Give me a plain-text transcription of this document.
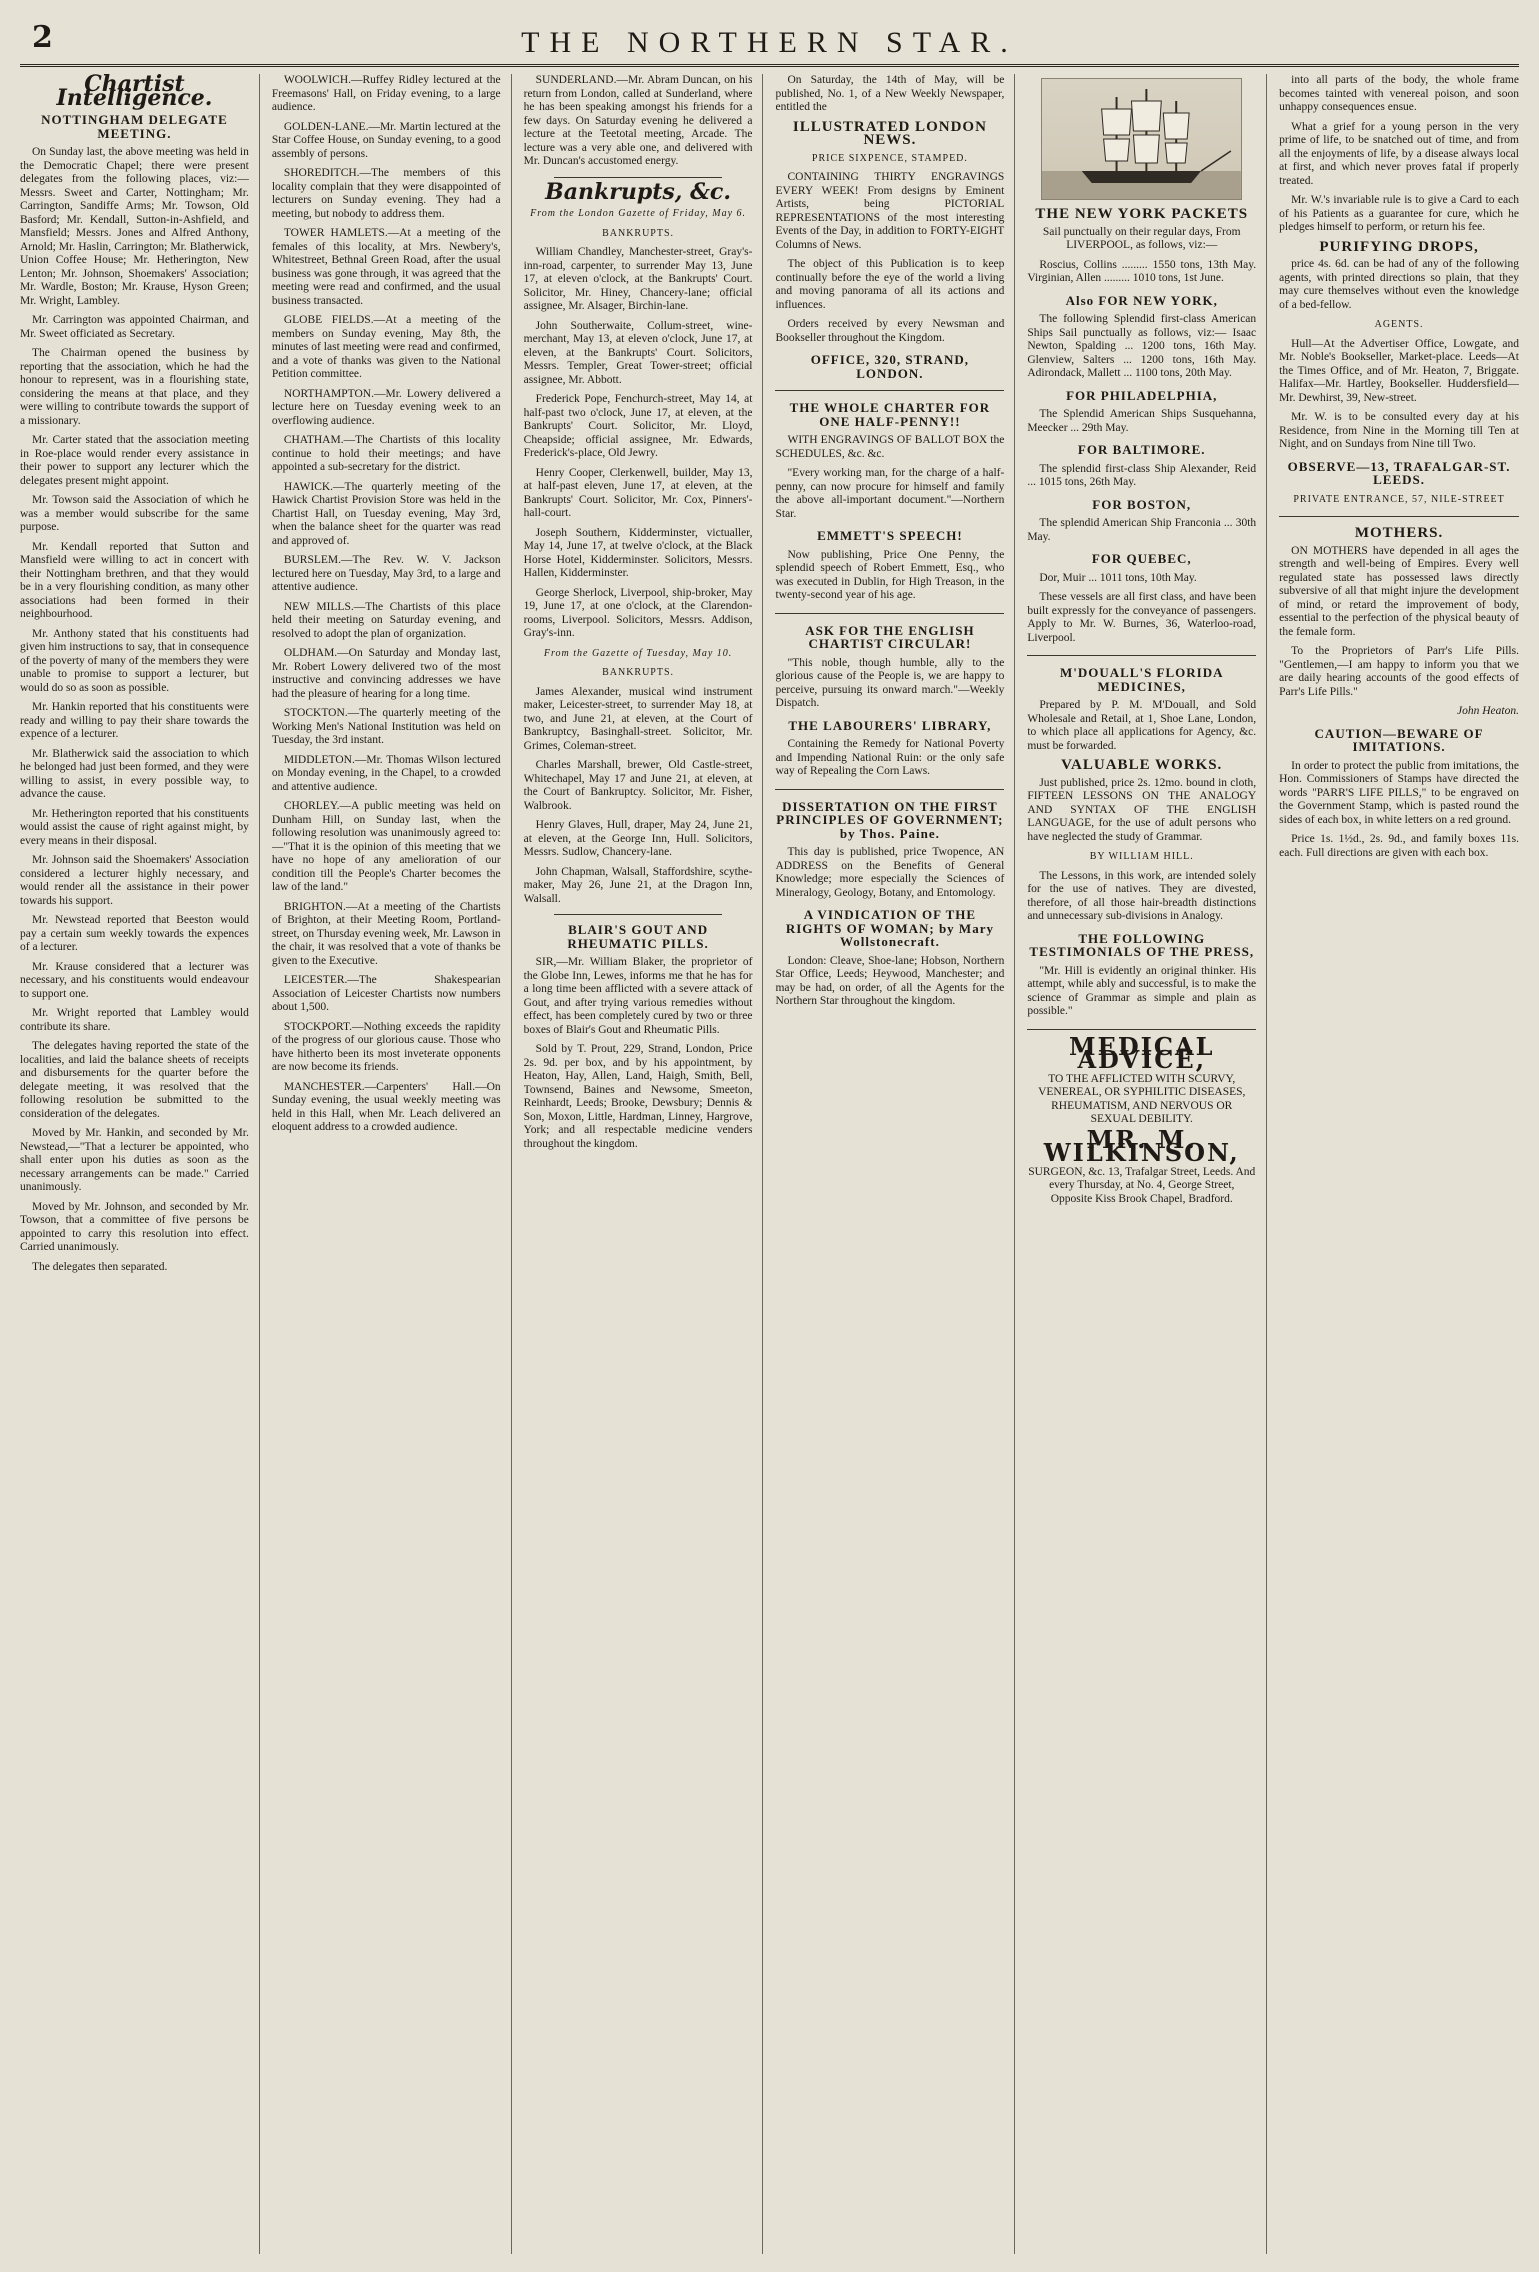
2	THE NORTHERN STAR.
Chartist Intelligence.
NOTTINGHAM DELEGATE MEETING.

On Sunday last, the above meeting was held in the Democratic Chapel; there were present delegates from the following places, viz:— Messrs. Sweet and Carter, Nottingham; Mr. Carrington, Sandiffe Arms; Mr. Towson, Old Basford; Mr. Kendall, Sutton-in-Ashfield, and Mansfield; Messrs. Jones and Alfred Anthony, Arnold; Mr. Haslin, Carrington; Mr. Blatherwick, Union Coffee House; Mr. Hetherington, New Lenton; Mr. Johnson, Shoemakers' Association; Mr. Wardle, Boston; Mr. Krause, Hyson Green; Mr. Wright, Lambley.

Mr. Carrington was appointed Chairman, and Mr. Sweet officiated as Secretary.

The Chairman opened the business by reporting that the association, which he had the honour to represent, was in a flourishing state, considering the means at that place, and they were willing to contribute towards the support of a missionary.

Mr. Carter stated that the association meeting in Roe-place would render every assistance in their power to support any lecturer which the delegates present might appoint.

Mr. Towson said the Association of which he was a member would subscribe for the same purpose.

Mr. Kendall reported that Sutton and Mansfield were willing to act in concert with their Nottingham brethren, and that they would be in a very flourishing condition, as many other associations had been formed in their neighbourhood.

Mr. Anthony stated that his constituents had given him instructions to say, that in consequence of the poverty of many of the members they were unable to promise to support a lecturer, but would do so as soon as possible.

Mr. Hankin reported that his constituents were ready and willing to pay their share towards the expence of a lecturer.

Mr. Blatherwick said the association to which he belonged had just been formed, and they were willing to assist, in every possible way, to advance the cause.

Mr. Hetherington reported that his constituents would assist the cause of right against might, by every means in their disposal.

Mr. Johnson said the Shoemakers' Association considered a lecturer highly necessary, and would render all the assistance in their power towards his support.

Mr. Newstead reported that Beeston would pay a certain sum weekly towards the expences of a lecturer.

Mr. Krause considered that a lecturer was necessary, and his constituents would endeavour to support one.

Mr. Wright reported that Lambley would contribute its share.

The delegates having reported the state of the localities, and laid the balance sheets of receipts and disbursements for the quarter before the delegate meeting, it was resolved that the following resolution be submitted to the consideration of the delegates.

Moved by Mr. Hankin, and seconded by Mr. Newstead,—"That a lecturer be appointed, who shall enter upon his duties as soon as the necessary arrangements can be made." Carried unanimously.

Moved by Mr. Johnson, and seconded by Mr. Towson, that a committee of five persons be appointed to carry this resolution into effect. Carried unanimously.

The delegates then separated.

WOOLWICH.—Ruffey Ridley lectured at the Freemasons' Hall, on Friday evening, to a large audience.

GOLDEN-LANE.—Mr. Martin lectured at the Star Coffee House, on Sunday evening, to a good assembly of persons.

SHOREDITCH.—The members of this locality complain that they were disappointed of lecturers on Sunday evening. They had a meeting, but nobody to address them.

TOWER HAMLETS.—At a meeting of the females of this locality, at Mrs. Newbery's, Whitestreet, Bethnal Green Road, after the usual business was gone through, it was agreed that the meeting were read and confirmed, and the usual business transacted.

GLOBE FIELDS.—At a meeting of the members on Sunday evening, May 8th, the minutes of last meeting were read and confirmed, and a vote of thanks was given to the National Petition committee.

NORTHAMPTON.—Mr. Lowery delivered a lecture here on Tuesday evening week to an overflowing audience.

CHATHAM.—The Chartists of this locality continue to hold their meetings; and have appointed a sub-secretary for the district.

HAWICK.—The quarterly meeting of the Hawick Chartist Provision Store was held in the Chartist Hall, on Tuesday evening, May 3rd, when the balance sheet for the quarter was read and approved of.

BURSLEM.—The Rev. W. V. Jackson lectured here on Tuesday, May 3rd, to a large and attentive audience.

NEW MILLS.—The Chartists of this place held their meeting on Saturday evening, and resolved to adopt the plan of organization.

OLDHAM.—On Saturday and Monday last, Mr. Robert Lowery delivered two of the most instructive and convincing addresses we have had the pleasure of hearing for a long time.

STOCKTON.—The quarterly meeting of the Working Men's National Institution was held on Tuesday, the 3rd instant.

MIDDLETON.—Mr. Thomas Wilson lectured on Monday evening, in the Chapel, to a crowded and attentive audience.

CHORLEY.—A public meeting was held on Dunham Hill, on Sunday last, when the following resolution was unanimously agreed to:—"That it is the opinion of this meeting that we have no hope of any amelioration of our condition till the People's Charter becomes the law of the land."

BRIGHTON.—At a meeting of the Chartists of Brighton, at their Meeting Room, Portland-street, on Thursday evening week, Mr. Lawson in the chair, it was resolved that a vote of thanks be given to the Executive.

LEICESTER.—The Shakespearian Association of Leicester Chartists now numbers about 1,500.

STOCKPORT.—Nothing exceeds the rapidity of the progress of our glorious cause. Those who have hitherto been its most inveterate opponents are now become its friends.

MANCHESTER.—Carpenters' Hall.—On Sunday evening, the usual weekly meeting was held in this Hall, when Mr. Leach delivered an eloquent address to a crowded audience.

SUNDERLAND.—Mr. Abram Duncan, on his return from London, called at Sunderland, where he has been speaking amongst his friends for a few days. On Saturday evening he delivered a lecture at the Teetotal meeting, Arcade. The lecture was a very able one, and delivered with Mr. Duncan's accustomed energy.

Bankrupts, &c.
From the London Gazette of Friday, May 6.
BANKRUPTS.

William Chandley, Manchester-street, Gray's-inn-road, carpenter, to surrender May 13, June 17, at eleven o'clock, at the Bankrupts' Court. Solicitor, Mr. Hiney, Chancery-lane; official assignee, Mr. Alsager, Birchin-lane.

John Southerwaite, Collum-street, wine-merchant, May 13, at eleven o'clock, June 17, at eleven, at the Bankrupts' Court. Solicitors, Messrs. Templer, Great Tower-street; official assignee, Mr. Abbott.

Frederick Pope, Fenchurch-street, May 14, at half-past two o'clock, June 17, at eleven, at the Bankrupts' Court. Solicitor, Mr. Lloyd, Cheapside; official assignee, Mr. Edwards, Frederick's-place, Old Jewry.

Henry Cooper, Clerkenwell, builder, May 13, at half-past eleven, June 17, at eleven, at the Bankrupts' Court. Solicitor, Mr. Cox, Pinners'-hall-court.

Joseph Southern, Kidderminster, victualler, May 14, June 17, at twelve o'clock, at the Black Horse Hotel, Kidderminster. Solicitors, Messrs. Hallen, Kidderminster.

George Sherlock, Liverpool, ship-broker, May 19, June 17, at one o'clock, at the Clarendon-rooms, Liverpool. Solicitors, Messrs. Addison, Gray's-inn.

From the Gazette of Tuesday, May 10.
BANKRUPTS.

James Alexander, musical wind instrument maker, Leicester-street, to surrender May 18, at two, and June 21, at eleven, at the Court of Bankruptcy, Basinghall-street. Solicitor, Mr. Grimes, Coleman-street.

Charles Marshall, brewer, Old Castle-street, Whitechapel, May 17 and June 21, at eleven, at the Court of Bankruptcy. Solicitor, Mr. Fisher, Walbrook.

Henry Glaves, Hull, draper, May 24, June 21, at eleven, at the George Inn, Hull. Solicitors, Messrs. Sudlow, Chancery-lane.

John Chapman, Walsall, Staffordshire, scythe-maker, May 26, June 21, at the Dragon Inn, Walsall.

BLAIR'S GOUT AND RHEUMATIC PILLS.

SIR,—Mr. William Blaker, the proprietor of the Globe Inn, Lewes, informs me that he has for a long time been afflicted with a severe attack of Gout, and after trying various remedies without effect, has been completely cured by two or three boxes of Blair's Gout and Rheumatic Pills.

Sold by T. Prout, 229, Strand, London, Price 2s. 9d. per box, and by his appointment, by Heaton, Hay, Allen, Land, Haigh, Smith, Bell, Townsend, Baines and Newsome, Smeeton, Reinhardt, Leeds; Brooke, Dewsbury; Dennis & Son, Moxon, Little, Hardman, Linney, Hargrove, York; and all respectable medicine venders throughout the kingdom.

On Saturday, the 14th of May, will be published, No. 1, of a New Weekly Newspaper, entitled the

ILLUSTRATED LONDON NEWS.
PRICE SIXPENCE, STAMPED.

CONTAINING THIRTY ENGRAVINGS EVERY WEEK! From designs by Eminent Artists, being PICTORIAL REPRESENTATIONS of the most interesting Events of the Day, in addition to FORTY-EIGHT Columns of News.

The object of this Publication is to keep continually before the eye of the world a living and moving panorama of all its actions and influences.

Orders received by every Newsman and Bookseller throughout the Kingdom.

OFFICE, 320, STRAND, LONDON.
THE WHOLE CHARTER FOR ONE HALF-PENNY!!

WITH ENGRAVINGS OF BALLOT BOX the SCHEDULES, &c. &c.

"Every working man, for the charge of a half-penny, can now procure for himself and family the above all-important document."—Northern Star.

EMMETT'S SPEECH!

Now publishing, Price One Penny, the splendid speech of Robert Emmett, Esq., who was executed in Dublin, for High Treason, in the twenty-second year of his age.

ASK FOR THE ENGLISH CHARTIST CIRCULAR!

"This noble, though humble, ally to the glorious cause of the People is, we are happy to perceive, pursuing its onward march."—Weekly Dispatch.

THE LABOURERS' LIBRARY,

Containing the Remedy for National Poverty and Impending National Ruin: or the only safe way of Repealing the Corn Laws.

DISSERTATION ON THE FIRST PRINCIPLES OF GOVERNMENT; by Thos. Paine.

This day is published, price Twopence, AN ADDRESS on the Benefits of General Knowledge; more especially the Sciences of Mineralogy, Geology, Botany, and Entomology.

A VINDICATION OF THE RIGHTS OF WOMAN; by Mary Wollstonecraft.

London: Cleave, Shoe-lane; Hobson, Northern Star Office, Leeds; Heywood, Manchester; and may be had, on order, of all the Agents for the Northern Star throughout the kingdom.

THE NEW YORK PACKETS

Sail punctually on their regular days, From LIVERPOOL, as follows, viz:—

Roscius, Collins ......... 1550 tons, 13th May. Virginian, Allen ......... 1010 tons, 1st June.

Also FOR NEW YORK,

The following Splendid first-class American Ships Sail punctually as follows, viz:— Isaac Newton, Spalding ... 1200 tons, 16th May. Glenview, Salters ... 1200 tons, 16th May. Adirondack, Mallett ... 1100 tons, 20th May.

FOR PHILADELPHIA,

The Splendid American Ships Susquehanna, Meecker ... 29th May.

FOR BALTIMORE.

The splendid first-class Ship Alexander, Reid ... 1015 tons, 26th May.

FOR BOSTON,

The splendid American Ship Franconia ... 30th May.

FOR QUEBEC,

Dor, Muir ... 1011 tons, 10th May.

These vessels are all first class, and have been built expressly for the conveyance of passengers. Apply to Mr. W. Burnes, 36, Waterloo-road, Liverpool.

M'DOUALL'S FLORIDA MEDICINES,

Prepared by P. M. M'Douall, and Sold Wholesale and Retail, at 1, Shoe Lane, London, to which place all applications for Agency, &c. must be forwarded.

VALUABLE WORKS.

Just published, price 2s. 12mo. bound in cloth, FIFTEEN LESSONS ON THE ANALOGY AND SYNTAX OF THE ENGLISH LANGUAGE, for the use of adult persons who have neglected the study of Grammar.

BY WILLIAM HILL.

The Lessons, in this work, are intended solely for the use of natives. They are divested, therefore, of all those hair-breadth distinctions and unnecessary sub-divisions in Analogy.

THE FOLLOWING TESTIMONIALS OF THE PRESS,

"Mr. Hill is evidently an original thinker. His attempt, while ably and successful, is to make the science of Grammar as simple and plain as possible."

MEDICAL ADVICE,

TO THE AFFLICTED WITH SCURVY, VENEREAL, OR SYPHILITIC DISEASES, RHEUMATISM, AND NERVOUS OR SEXUAL DEBILITY.

MR. M. WILKINSON,

SURGEON, &c. 13, Trafalgar Street, Leeds. And every Thursday, at No. 4, George Street, Opposite Kiss Brook Chapel, Bradford.

into all parts of the body, the whole frame becomes tainted with venereal poison, and soon unhappy consequences ensue.

What a grief for a young person in the very prime of life, to be snatched out of time, and from all the enjoyments of life, by a disease always local at first, and which never proves fatal if properly treated.

Mr. W.'s invariable rule is to give a Card to each of his Patients as a guarantee for cure, which he pledges himself to perform, or return his fee.

PURIFYING DROPS,

price 4s. 6d. can be had of any of the following agents, with printed directions so plain, that they may cure themselves without even the knowledge of a bed-fellow.

AGENTS.

Hull—At the Advertiser Office, Lowgate, and Mr. Noble's Bookseller, Market-place. Leeds—At the Times Office, and of Mr. Heaton, 7, Briggate. Halifax—Mr. Hartley, Bookseller. Huddersfield—Mr. Dewhirst, 39, New-street.

Mr. W. is to be consulted every day at his Residence, from Nine in the Morning till Ten at Night, and on Sundays from Nine till Two.

OBSERVE—13, TRAFALGAR-ST. LEEDS.
PRIVATE ENTRANCE, 57, NILE-STREET
MOTHERS.

ON MOTHERS have depended in all ages the strength and well-being of Empires. Every well regulated state has possessed laws directly subversive of all that might injure the development of mind, or retard the improvement of body, essential to the perfection of the physical beauty of the female form.

To the Proprietors of Parr's Life Pills. "Gentlemen,—I am happy to inform you that we are daily hearing accounts of the good effects of Parr's Life Pills."

John Heaton.

CAUTION—BEWARE OF IMITATIONS.

In order to protect the public from imitations, the Hon. Commissioners of Stamps have directed the words "PARR'S LIFE PILLS," to be engraved on the Government Stamp, which is pasted round the sides of each box, in white letters on a red ground.

Price 1s. 1½d., 2s. 9d., and family boxes 11s. each. Full directions are given with each box.
